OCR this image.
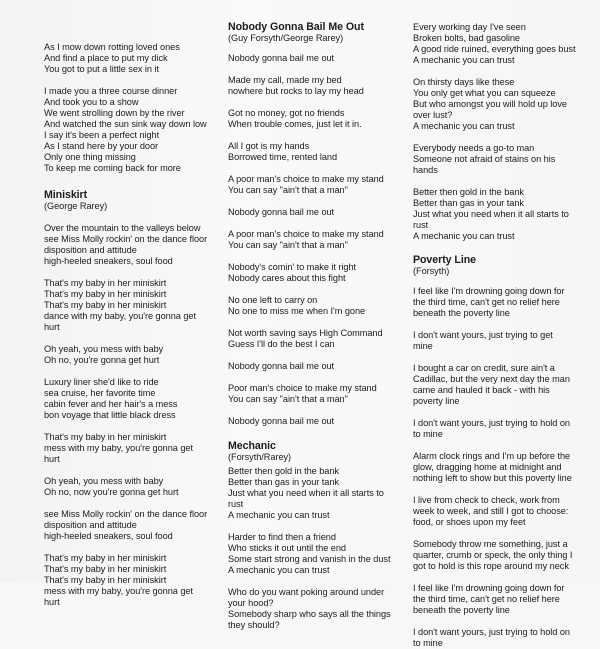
As I mow down rotting loved ones
And find a place to put my dick
You got to put a little sex in it
I made you a three course dinner
And took you to a show
We went strolling down by the river
And watched the sun sink way down low
I say it's been a perfect night
As I stand here by your door
Only one thing missing
To keep me coming back for more
Miniskirt
(George Rarey)
Over the mountain to the valleys below
see Miss Molly rockin' on the dance floor
disposition and attitude
high-heeled sneakers, soul food
That's my baby in her miniskirt
That's my baby in her miniskirt
That's my baby in her miniskirt
dance with my baby, you're gonna get
hurt
Oh yeah, you mess with baby
Oh no, you're gonna get hurt
Luxury liner she'd like to ride
sea cruise, her favorite time
cabin fever and her hair's a mess
bon voyage that little black dress
That's my baby in her miniskirt
mess with my baby, you're gonna get
hurt
Oh yeah, you mess with baby
Oh no, now you're gonna get hurt
see Miss Molly rockin' on the dance floor
disposition and attitude
high-heeled sneakers, soul food
That's my baby in her miniskirt
That's my baby in her miniskirt
That's my baby in her miniskirt
mess with my baby, you're gonna get
hurt
Nobody Gonna Bail Me Out
(Guy Forsyth/George Rarey)
Nobody gonna bail me out
Made my call, made my bed
nowhere but rocks to lay my head
Got no money, got no friends
When trouble comes, just let it in.
All I got is my hands
Borrowed time, rented land
A poor man's choice to make my stand
You can say "ain't that a man"
Nobody gonna bail me out
A poor man's choice to make my stand
You can say "ain't that a man"
Nobody's comin' to make it right
Nobody cares about this fight
No one left to carry on
No one to miss me when I'm gone
Not worth saving says High Command
Guess I'll do the best I can
Nobody gonna bail me out
Poor man's choice to make my stand
You can say "ain't that a man"
Nobody gonna bail me out
Mechanic
(Forsyth/Rarey)
Better then gold in the bank
Better than gas in your tank
Just what you need when it all starts to
rust
A mechanic you can trust
Harder to find then a friend
Who sticks it out until the end
Some start strong and vanish in the dust
A mechanic you can trust
Who do you want poking around under
your hood?
Somebody sharp who says all the things
they should?
Every working day I've seen
Broken bolts, bad gasoline
A good ride ruined, everything goes bust
A mechanic you can trust
On thirsty days like these
You only get what you can squeeze
But who amongst you will hold up love
over lust?
A mechanic you can trust
Everybody needs a go-to man
Someone not afraid of stains on his
hands
Better then gold in the bank
Better than gas in your tank
Just what you need when it all starts to
rust
A mechanic you can trust
Poverty Line
(Forsyth)
I feel like I'm drowning going down for
the third time, can't get no relief here
beneath the poverty line
I don't want yours, just trying to get
mine
I bought a car on credit, sure ain't a
Cadillac, but the very next day the man
came and hauled it back - with his
poverty line
I don't want yours, just trying to hold on
to mine
Alarm clock rings and I'm up before the
glow, dragging home at midnight and
nothing left to show but this poverty line
I live from check to check, work from
week to week, and still I got to choose:
food, or shoes upon my feet
Somebody throw me something, just a
quarter, crumb or speck, the only thing I
got to hold is this rope around my neck
I feel like I'm drowning going down for
the third time, can't get no relief here
beneath the poverty line
I don't want yours, just trying to hold on
to mine
